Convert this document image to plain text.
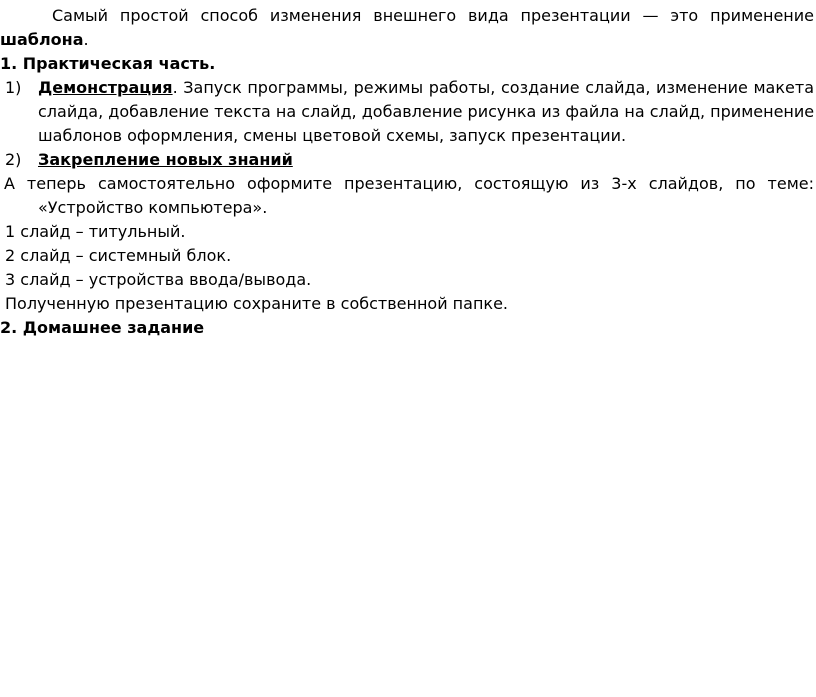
Самый простой способ изменения внешнего вида презентации — это применение
шаблона.
1. Практическая часть.
1) Демонстрация. Запуск программы, режимы работы, создание слайда, изменение макета
слайда, добавление текста на слайд, добавление рисунка из файла на слайд, применение
шаблонов оформления, смены цветовой схемы, запуск презентации.
2) Закрепление новых знаний
А теперь самостоятельно оформите презентацию, состоящую из 3-х слайдов, по теме:
«Устройство компьютера».
1 слайд – титульный.
2 слайд – системный блок.
3 слайд – устройства ввода/вывода.
Полученную презентацию сохраните в собственной папке.
2. Домашнее задание
